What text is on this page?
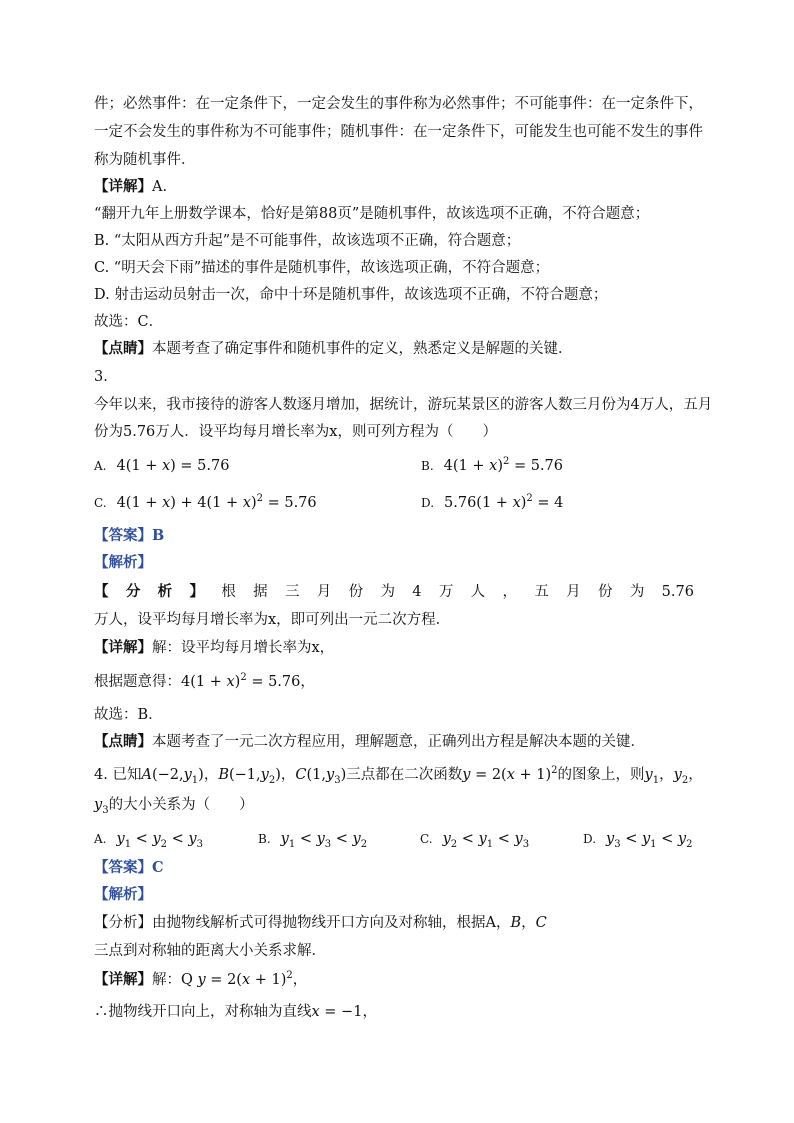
件；必然事件：在一定条件下，一定会发生的事件称为必然事件；不可能事件：在一定条件下，
一定不会发生的事件称为不可能事件；随机事件：在一定条件下，可能发生也可能不发生的事件
称为随机事件．
【详解】A.
“翻开九年上册数学课本，恰好是第88页”是随机事件，故该选项不正确，不符合题意；
B. “太阳从西方升起”是不可能事件，故该选项不正确，符合题意；
C. “明天会下雨”描述的事件是随机事件，故该选项正确，不符合题意；
D. 射击运动员射击一次，命中十环是随机事件，故该选项不正确，不符合题意；
故选：C．
【点睛】本题考查了确定事件和随机事件的定义，熟悉定义是解题的关键．
3.
今年以来，我市接待的游客人数逐月增加，据统计，游玩某景区的游客人数三月份为4万人，五月
份为5.76万人．设平均每月增长率为x，则可列方程为（　　）
A. 4(1 + x) = 5.76	B. $4(1 + x)^2 = 5.76$
C. $4(1 + x) + 4(1 + x)^2 = 5.76$	D. $5.76(1 + x)^2 = 4$
【答案】B
【解析】
【 分 析 】 根 据 三 月 份 为 4 万 人 ， 五 月 份 为 5.76
万人，设平均每月增长率为x，即可列出一元二次方程．
【详解】解：设平均每月增长率为x，
根据题意得：$4(1 + x)^2 = 5.76$，
故选：B．
【点睛】本题考查了一元二次方程应用，理解题意，正确列出方程是解决本题的关键．
4. 已知$A(-2,y_1)$，$B(-1,y_2)$，$C(1,y_3)$三点都在二次函数$y = 2(x + 1)^2$的图象上，则$y_1$，$y_2$，
$y_3$的大小关系为（　　）
A. $y_1 < y_2 < y_3$	B. $y_1 < y_3 < y_2$	C. $y_2 < y_1 < y_3$	D. $y_3 < y_1 < y_2$
【答案】C
【解析】
【分析】由抛物线解析式可得抛物线开口方向及对称轴，根据A，B，C
三点到对称轴的距离大小关系求解．
【详解】解：Q $y = 2(x + 1)^2$，
∴抛物线开口向上，对称轴为直线x = −1，
